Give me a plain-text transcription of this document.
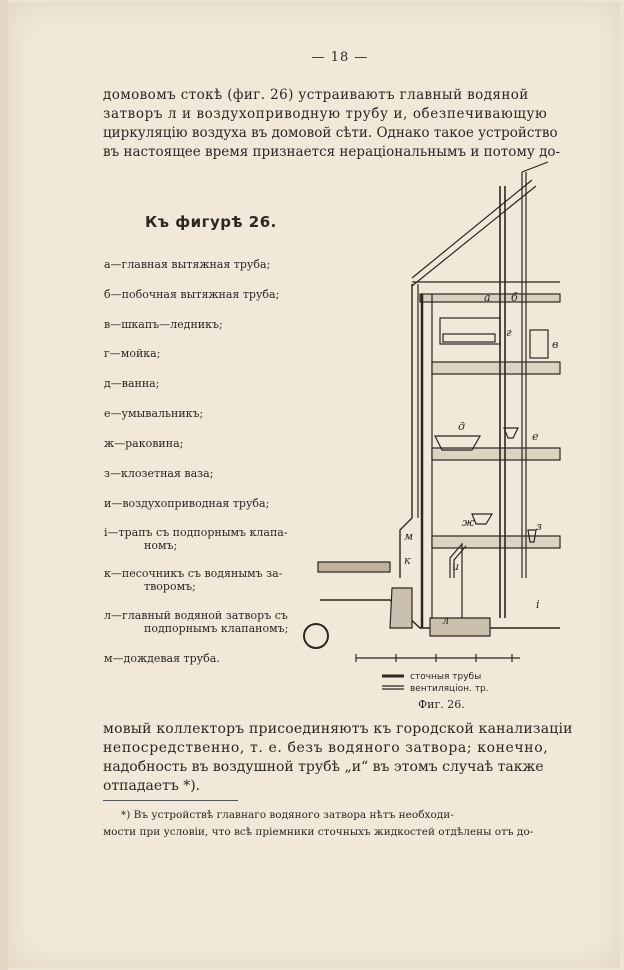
— 18 —
домовомъ стокѣ (фиг. 26) устраиваютъ главный водяной
затворъ л и воздухоприводную трубу и, обезпечивающую
циркуляцію воздуха въ домовой сѣти. Однако такое устройство
въ настоящее время признается нераціональнымъ и потому до-
Къ фигурѣ 26.
а—главная вытяжная труба;
б—побочная вытяжная труба;
в—шкапъ—ледникъ;
г—мойка;
д—ванна;
е—умывальникъ;
ж—раковина;
з—клозетная ваза;
и—воздухоприводная труба;
і—трапъ съ подпорнымъ клапа-
номъ;
к—песочникъ съ водянымъ за-
творомъ;
л—главный водяной затворъ съ
подпорнымъ клапаномъ;
м—дождевая труба.
а б
в
г
д
е
ж	з
и
і
к
л
м
сточныя трубы
вентиляціон. тр.
Фиг. 26.
мовый коллекторъ присоединяютъ къ городской канализаціи
непосредственно, т. е. безъ водяного затвора; конечно,
надобность въ воздушной трубѣ „и“ въ этомъ случаѣ также
отпадаетъ *).
*) Въ устройствѣ главнаго водяного затвора нѣтъ необходи-
мости при условіи, что всѣ пріемники сточныхъ жидкостей отдѣлены отъ до-
